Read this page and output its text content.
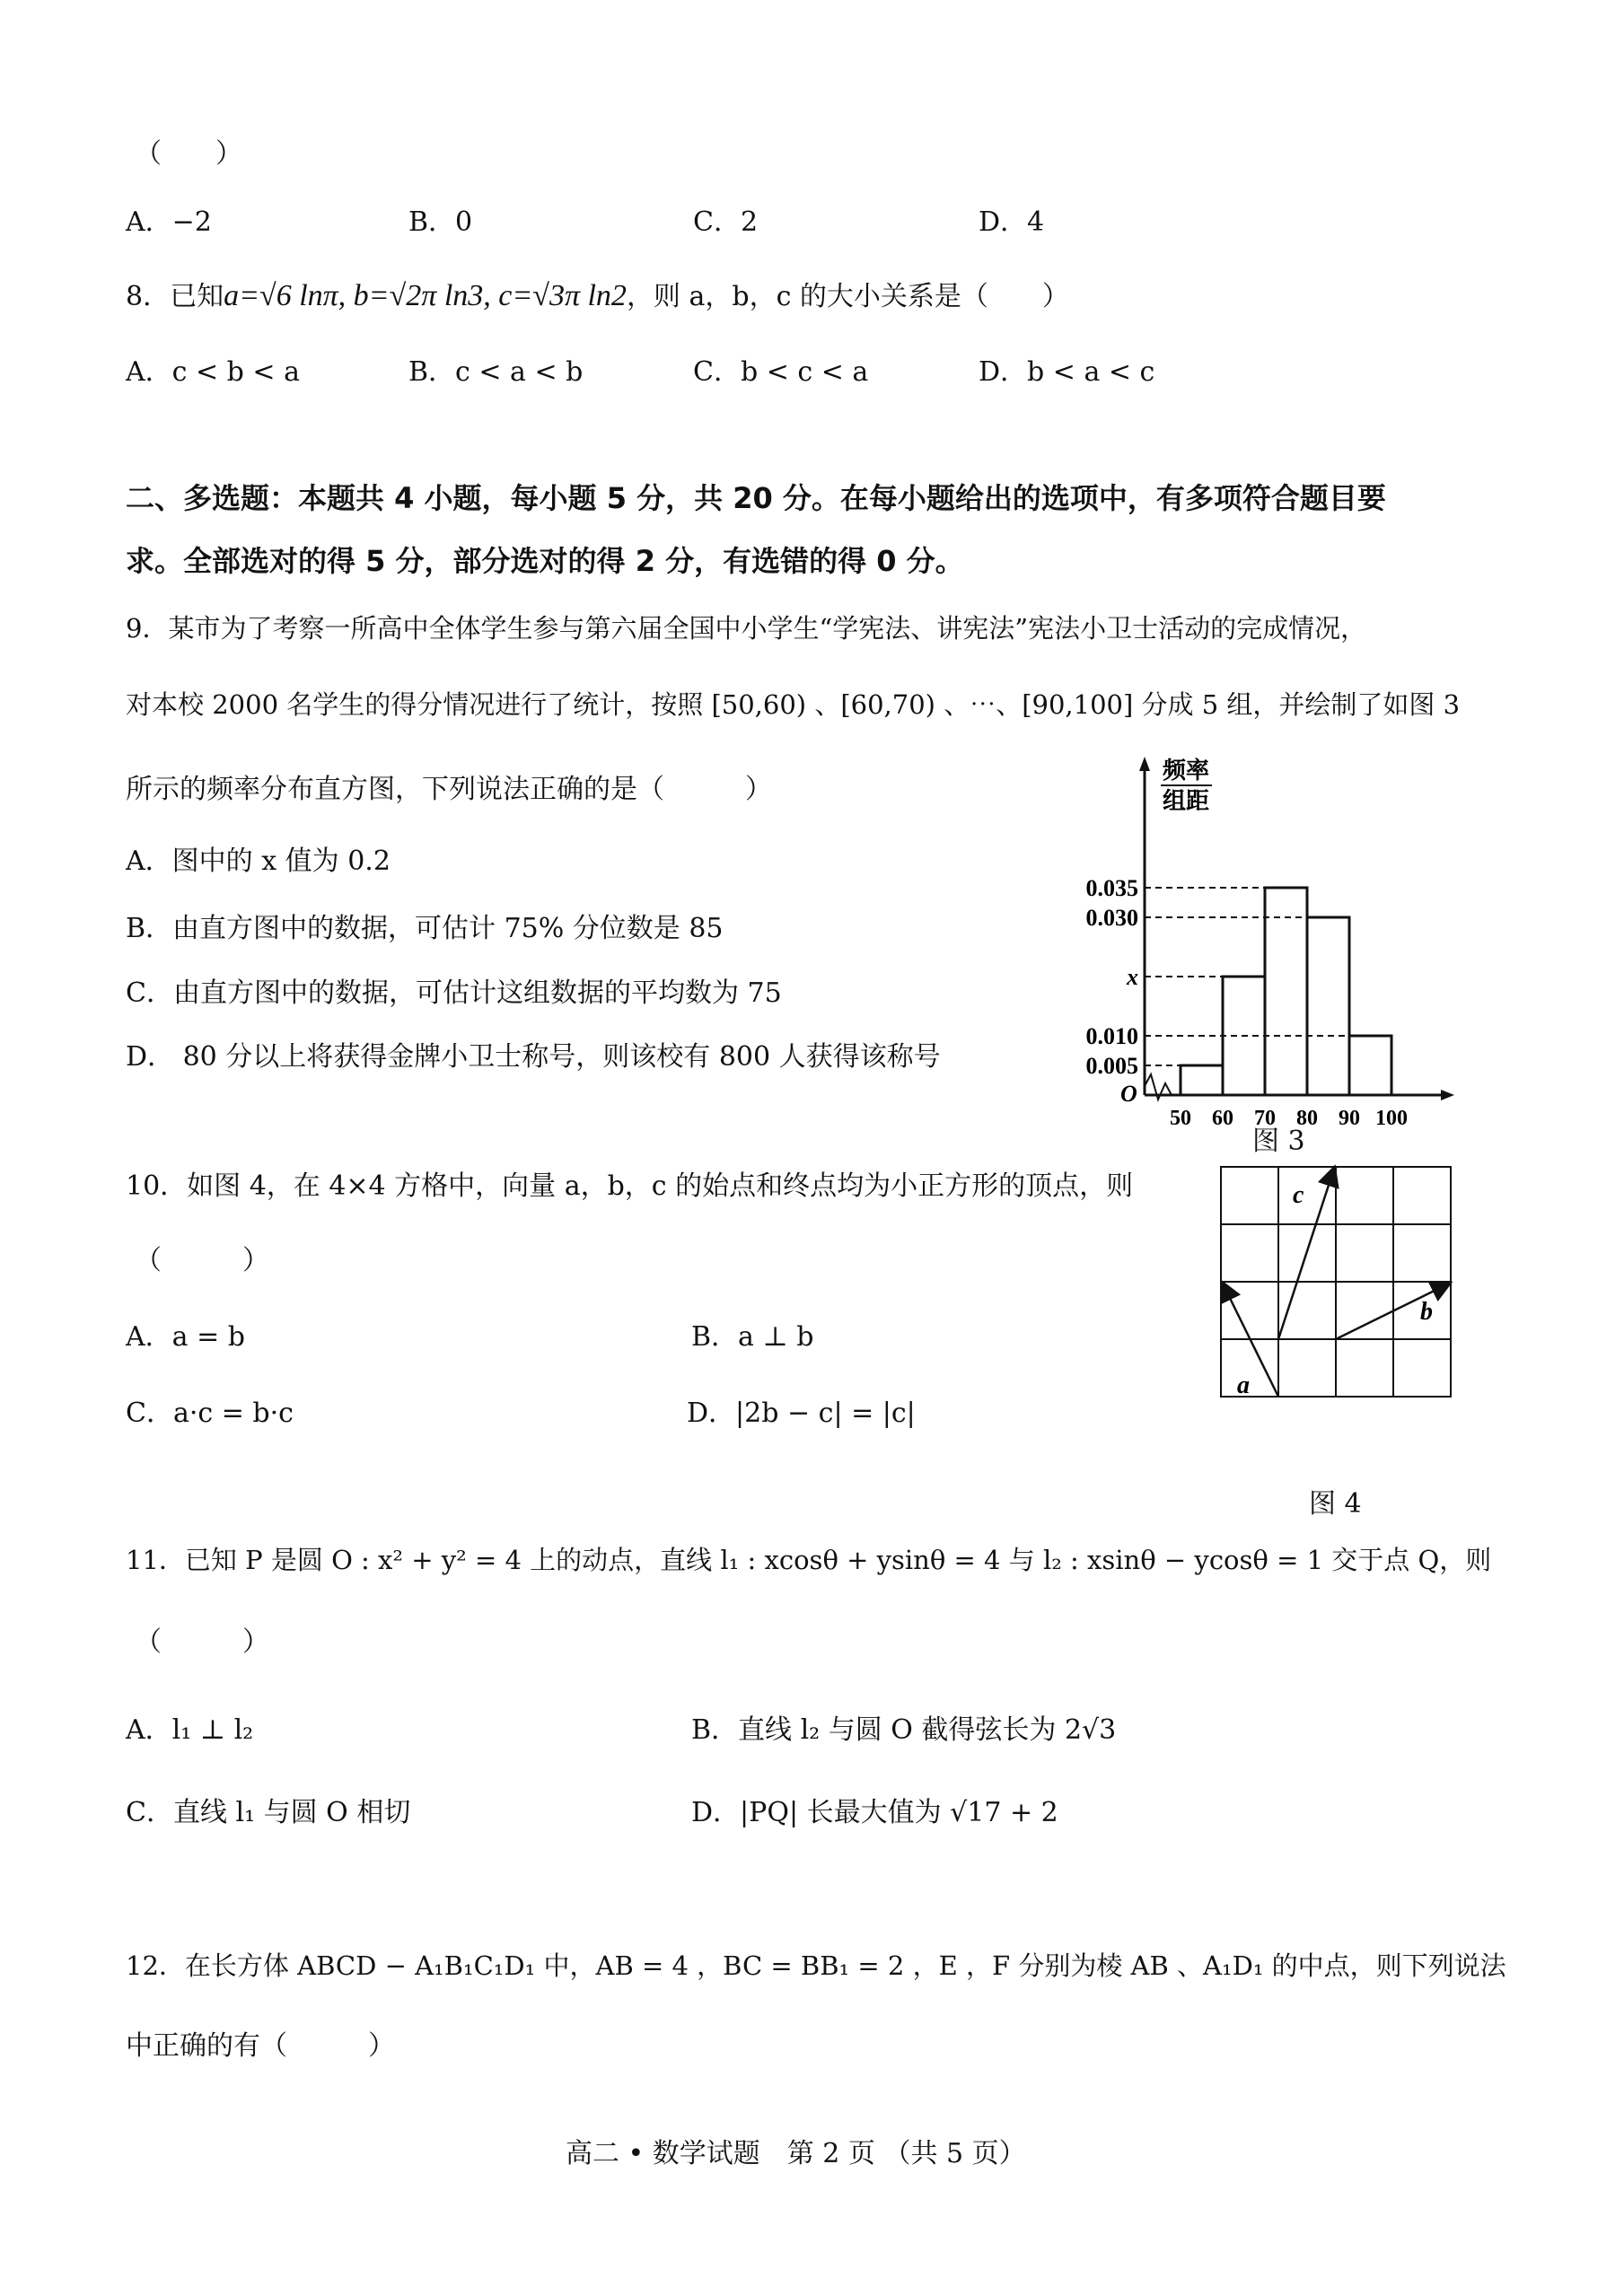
（　　）
A．−2	B．0	C．2	D．4
8．已知a=√6 lnπ, b=√2π ln3, c=√3π ln2，则 a，b，c 的大小关系是（　　）
A．c < b < a	B．c < a < b	C．b < c < a	D．b < a < c
二、多选题：本题共 4 小题，每小题 5 分，共 20 分。在每小题给出的选项中，有多项符合题目要
求。全部选对的得 5 分，部分选对的得 2 分，有选错的得 0 分。
9．某市为了考察一所高中全体学生参与第六届全国中小学生“学宪法、讲宪法”宪法小卫士活动的完成情况，
对本校 2000 名学生的得分情况进行了统计，按照 [50,60) 、[60,70) 、⋯、[90,100] 分成 5 组，并绘制了如图 3
所示的频率分布直方图，下列说法正确的是（　　　）
A．图中的 x 值为 0.2
B．由直方图中的数据，可估计 75% 分位数是 85
C．由直方图中的数据，可估计这组数据的平均数为 75
D． 80 分以上将获得金牌小卫士称号，则该校有 800 人获得该称号
频率
组距
O
0.035
0.030
x
0.010
0.005
50 60 70 80 90 100
图 3
10．如图 4，在 4×4 方格中，向量 a，b，c 的始点和终点均为小正方形的顶点，则
（　　　）
A．a = b	B．a ⊥ b
C．a·c = b·c	D．|2b − c| = |c|
a
b
c
图 4
11．已知 P 是圆 O : x² + y² = 4 上的动点，直线 l₁ : xcosθ + ysinθ = 4 与 l₂ : xsinθ − ycosθ = 1 交于点 Q，则
（　　　）
A．l₁ ⊥ l₂	B．直线 l₂ 与圆 O 截得弦长为 2√3
C．直线 l₁ 与圆 O 相切	D．|PQ| 长最大值为 √17 + 2
12．在长方体 ABCD − A₁B₁C₁D₁ 中，AB = 4 ，BC = BB₁ = 2 ，E ，F 分别为棱 AB 、A₁D₁ 的中点，则下列说法
中正确的有（　　　）
高二 • 数学试题　第 2 页 （共 5 页）
